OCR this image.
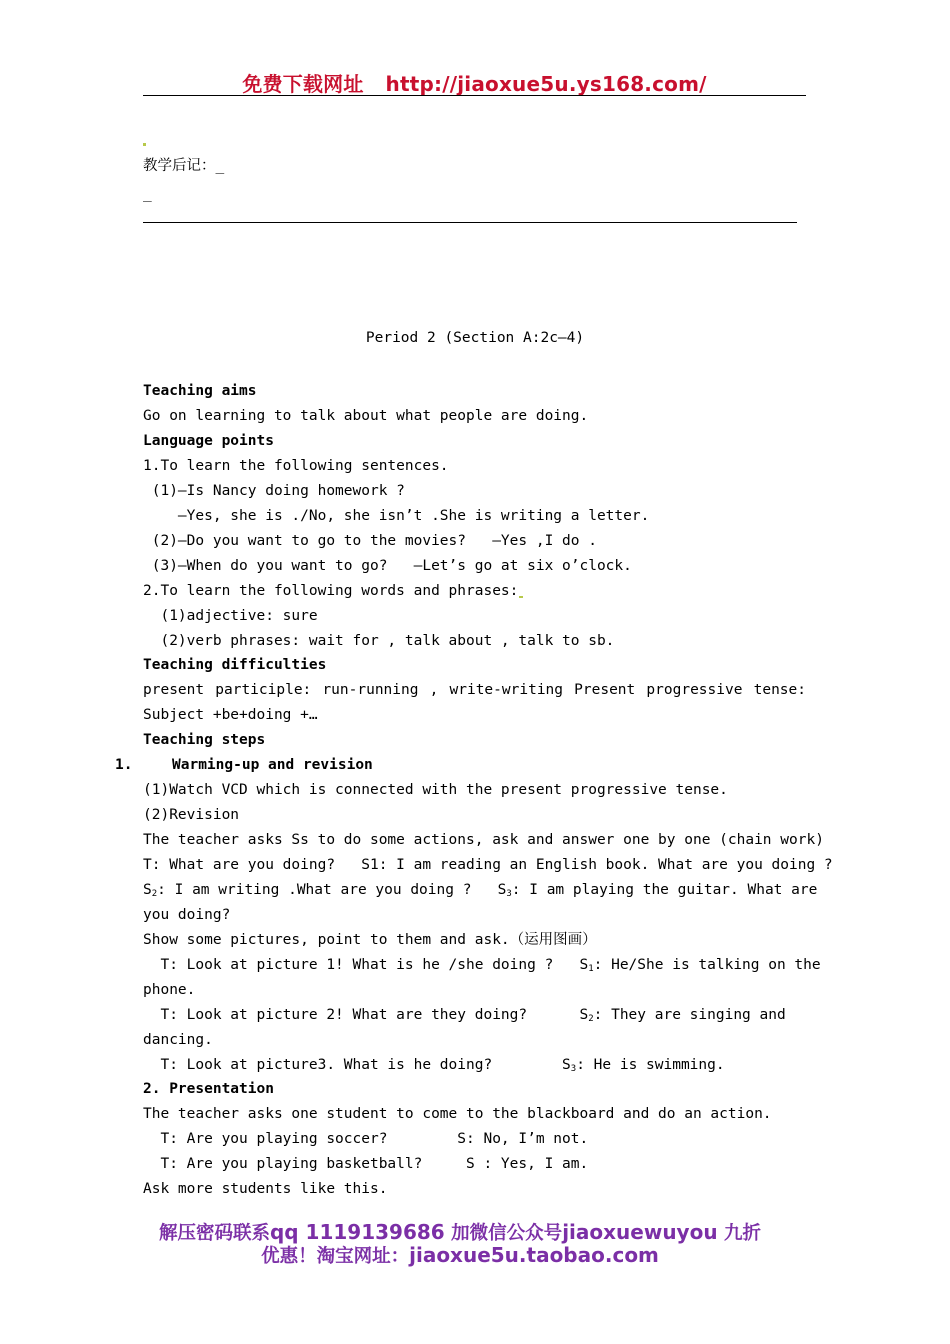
免费下载网址 http://jiaoxue5u.ys168.com/
教学后记：_
_
Period 2 (Section A:2c—4)
Teaching aims
Go on learning to talk about what people are doing.
Language points
1.To learn the following sentences.
(1)—Is Nancy doing homework ?
—Yes, she is ./No, she isn’t .She is writing a letter.
(2)—Do you want to go to the movies?   —Yes ,I do .
(3)—When do you want to go?   —Let’s go at six o’clock.
2.To learn the following words and phrases:
(1)adjective: sure
(2)verb phrases: wait for , talk about , talk to sb.
Teaching difficulties
present participle: run-running , write-writing Present progressive tense:
Subject +be+doing +…
Teaching steps
1.	Warming-up and revision
(1)Watch VCD which is connected with the present progressive tense.
(2)Revision
The teacher asks Ss to do some actions, ask and answer one by one (chain work)
T: What are you doing?   S1: I am reading an English book. What are you doing ?
$S_2$: I am writing .What are you doing ?   $S_3$: I am playing the guitar. What are
you doing?
Show some pictures, point to them and ask.（运用图画）
T: Look at picture 1! What is he /she doing ?   $S_1$: He/She is talking on the
phone.
T: Look at picture 2! What are they doing?      $S_2$: They are singing and
dancing.
T: Look at picture3. What is he doing?        $S_3$: He is swimming.
2. Presentation
The teacher asks one student to come to the blackboard and do an action.
T: Are you playing soccer?        S: No, I’m not.
T: Are you playing basketball?     S : Yes, I am.
Ask more students like this.
解压密码联系qq 1119139686 加微信公众号jiaoxuewuyou 九折
优惠！淘宝网址：jiaoxue5u.taobao.com
